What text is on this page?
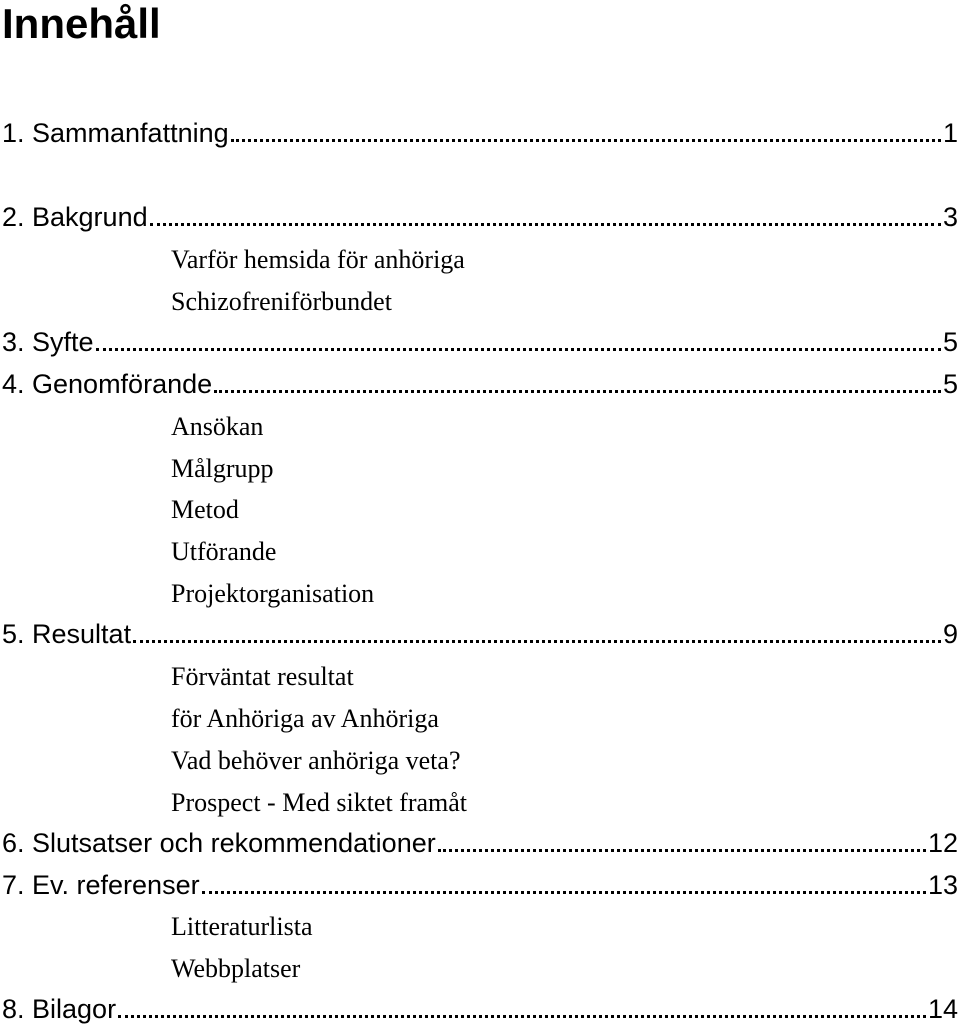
Innehåll
1. Sammanfattning	1
2. Bakgrund	3
Varför hemsida för anhöriga
Schizofreniförbundet
3. Syfte	5
4. Genomförande	5
Ansökan
Målgrupp
Metod
Utförande
Projektorganisation
5. Resultat	9
Förväntat resultat
för Anhöriga av Anhöriga
Vad behöver anhöriga veta?
Prospect - Med siktet framåt
6. Slutsatser och rekommendationer	12
7. Ev. referenser	13
Litteraturlista
Webbplatser
8. Bilagor	14
